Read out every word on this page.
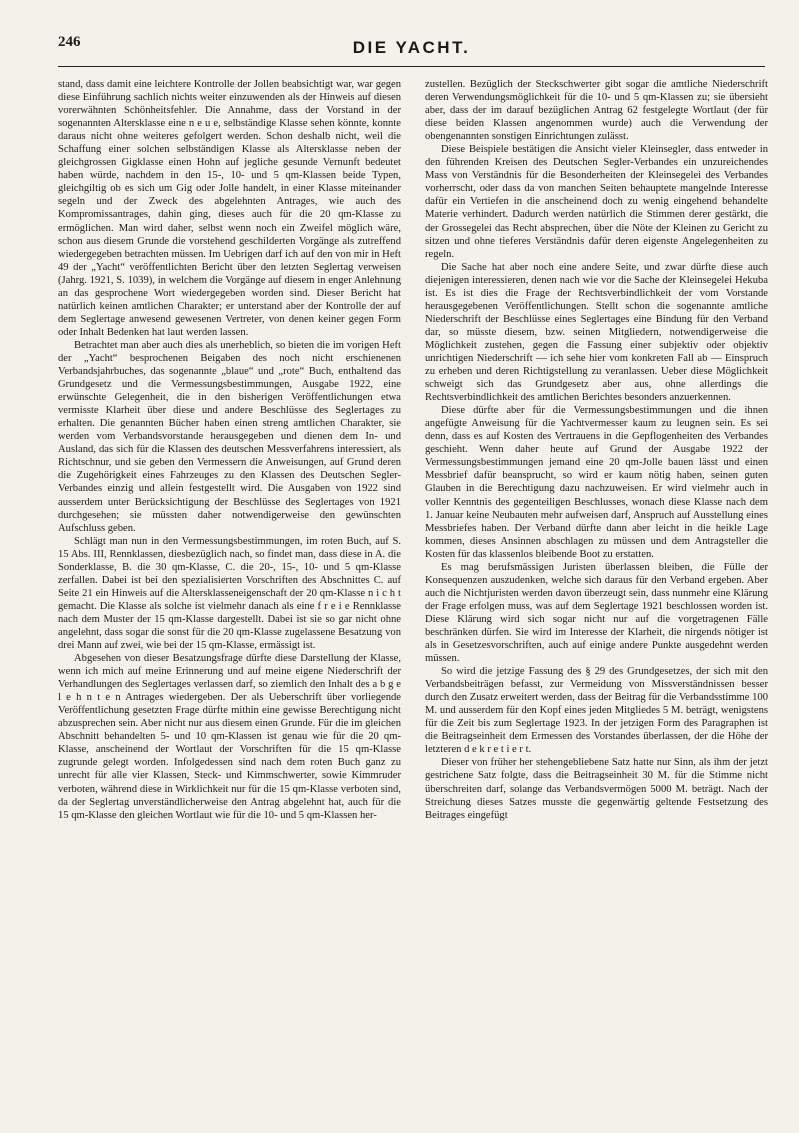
246	DIE YACHT.

stand, dass damit eine leichtere Kontrolle der Jollen beabsichtigt war, war gegen diese Einführung sachlich nichts weiter einzuwenden als der Hinweis auf diesen vorerwähnten Schönheitsfehler. Die Annahme, dass der Vorstand in der sogenannten Altersklasse eine n e u e, selbständige Klasse sehen könnte, konnte daraus nicht ohne weiteres gefolgert werden. Schon deshalb nicht, weil die Schaffung einer solchen selbständigen Klasse als Altersklasse neben der gleichgrossen Gigklasse einen Hohn auf jegliche gesunde Vernunft bedeutet haben würde, nachdem in den 15-, 10- und 5 qm-Klassen beide Typen, gleichgiltig ob es sich um Gig oder Jolle handelt, in einer Klasse miteinander segeln und der Zweck des abgelehnten Antrages, wie auch des Kompromissantrages, dahin ging, dieses auch für die 20 qm-Klasse zu ermöglichen. Man wird daher, selbst wenn noch ein Zweifel möglich wäre, schon aus diesem Grunde die vorstehend geschilderten Vorgänge als zutreffend wiedergegeben betrachten müssen. Im Uebrigen darf ich auf den von mir in Heft 49 der „Yacht“ veröffentlichten Bericht über den letzten Seglertag verweisen (Jahrg. 1921, S. 1039), in welchem die Vorgänge auf diesem in enger Anlehnung an das gesprochene Wort wiedergegeben worden sind. Dieser Bericht hat natürlich keinen amtlichen Charakter; er unterstand aber der Kontrolle der auf dem Seglertage anwesend gewesenen Vertreter, von denen keiner gegen Form oder Inhalt Bedenken hat laut werden lassen.

Betrachtet man aber auch dies als unerheblich, so bieten die im vorigen Heft der „Yacht“ besprochenen Beigaben des noch nicht erschienenen Verbandsjahrbuches, das sogenannte „blaue“ und „rote“ Buch, enthaltend das Grundgesetz und die Vermessungsbestimmungen, Ausgabe 1922, eine erwünschte Gelegenheit, die in den bisherigen Veröffentlichungen etwa vermisste Klarheit über diese und andere Beschlüsse des Seglertages zu erhalten. Die genannten Bücher haben einen streng amtlichen Charakter, sie werden vom Verbandsvorstande herausgegeben und dienen dem In- und Ausland, das sich für die Klassen des deutschen Messverfahrens interessiert, als Richtschnur, und sie geben den Vermessern die Anweisungen, auf Grund deren die Zugehörigkeit eines Fahrzeuges zu den Klassen des Deutschen Segler-Verbandes einzig und allein festgestellt wird. Die Ausgaben von 1922 sind ausserdem unter Berücksichtigung der Beschlüsse des Seglertages von 1921 durchgesehen; sie müssten daher notwendigerweise den gewünschten Aufschluss geben.

Schlägt man nun in den Vermessungsbestimmungen, im roten Buch, auf S. 15 Abs. III, Rennklassen, diesbezüglich nach, so findet man, dass diese in A. die Sonderklasse, B. die 30 qm-Klasse, C. die 20-, 15-, 10- und 5 qm-Klasse zerfallen. Dabei ist bei den spezialisierten Vorschriften des Abschnittes C. auf Seite 21 ein Hinweis auf die Altersklasseneigenschaft der 20 qm-Klasse n i c h t gemacht. Die Klasse als solche ist vielmehr danach als eine f r e i e Rennklasse nach dem Muster der 15 qm-Klasse dargestellt. Dabei ist sie so gar nicht ohne angelehnt, dass sogar die sonst für die 20 qm-Klasse zugelassene Besatzung von drei Mann auf zwei, wie bei der 15 qm-Klasse, ermässigt ist.

Abgesehen von dieser Besatzungsfrage dürfte diese Darstellung der Klasse, wenn ich mich auf meine Erinnerung und auf meine eigene Niederschrift der Verhandlungen des Seglertages verlassen darf, so ziemlich den Inhalt des a b g e l e h n t e n Antrages wiedergeben. Der als Ueberschrift über vorliegende Veröffentlichung gesetzten Frage dürfte mithin eine gewisse Berechtigung nicht abzusprechen sein. Aber nicht nur aus diesem einen Grunde. Für die im gleichen Abschnitt behandelten 5- und 10 qm-Klassen ist genau wie für die 20 qm-Klasse, anscheinend der Wortlaut der Vorschriften für die 15 qm-Klasse zugrunde gelegt worden. Infolgedessen sind nach dem roten Buch ganz zu unrecht für alle vier Klassen, Steck- und Kimmschwerter, sowie Kimmruder verboten, während diese in Wirklichkeit nur für die 15 qm-Klasse verboten sind, da der Seglertag unverständlicherweise den Antrag abgelehnt hat, auch für die 15 qm-Klasse den gleichen Wortlaut wie für die 10- und 5 qm-Klassen her-

zustellen. Bezüglich der Steckschwerter gibt sogar die amtliche Niederschrift deren Verwendungsmöglichkeit für die 10- und 5 qm-Klassen zu; sie übersieht aber, dass der im darauf bezüglichen Antrag 62 festgelegte Wortlaut (der für diese beiden Klassen angenommen wurde) auch die Verwendung der obengenannten sonstigen Einrichtungen zulässt.

Diese Beispiele bestätigen die Ansicht vieler Kleinsegler, dass entweder in den führenden Kreisen des Deutschen Segler-Verbandes ein unzureichendes Mass von Verständnis für die Besonderheiten der Kleinsegelei des Verbandes vorherrscht, oder dass da von manchen Seiten behauptete mangelnde Interesse dafür ein Vertiefen in die anscheinend doch zu wenig eingehend behandelte Materie verhindert. Dadurch werden natürlich die Stimmen derer gestärkt, die der Grossegelei das Recht absprechen, über die Nöte der Kleinen zu Gericht zu sitzen und ohne tieferes Verständnis dafür deren eigenste Angelegenheiten zu regeln.

Die Sache hat aber noch eine andere Seite, und zwar dürfte diese auch diejenigen interessieren, denen nach wie vor die Sache der Kleinsegelei Hekuba ist. Es ist dies die Frage der Rechtsverbindlichkeit der vom Vorstande herausgegebenen Veröffentlichungen. Stellt schon die sogenannte amtliche Niederschrift der Beschlüsse eines Seglertages eine Bindung für den Verband dar, so müsste diesem, bzw. seinen Mitgliedern, notwendigerweise die Möglichkeit zustehen, gegen die Fassung einer subjektiv oder objektiv unrichtigen Niederschrift — ich sehe hier vom konkreten Fall ab — Einspruch zu erheben und deren Richtigstellung zu veranlassen. Ueber diese Möglichkeit schweigt sich das Grundgesetz aber aus, ohne allerdings die Rechtsverbindlichkeit des amtlichen Berichtes besonders anzuerkennen.

Diese dürfte aber für die Vermessungsbestimmungen und die ihnen angefügte Anweisung für die Yachtvermesser kaum zu leugnen sein. Es sei denn, dass es auf Kosten des Vertrauens in die Gepflogenheiten des Verbandes geschieht. Wenn daher heute auf Grund der Ausgabe 1922 der Vermessungsbestimmungen jemand eine 20 qm-Jolle bauen lässt und einen Messbrief dafür beansprucht, so wird er kaum nötig haben, seinen guten Glauben in die Berechtigung dazu nachzuweisen. Er wird vielmehr auch in voller Kenntnis des gegenteiligen Beschlusses, wonach diese Klasse nach dem 1. Januar keine Neubauten mehr aufweisen darf, Anspruch auf Ausstellung eines Messbriefes haben. Der Verband dürfte dann aber leicht in die heikle Lage kommen, dieses Ansinnen abschlagen zu müssen und dem Antragsteller die Kosten für das klassenlos bleibende Boot zu erstatten.

Es mag berufsmässigen Juristen überlassen bleiben, die Fülle der Konsequenzen auszudenken, welche sich daraus für den Verband ergeben. Aber auch die Nichtjuristen werden davon überzeugt sein, dass nunmehr eine Klärung der Frage erfolgen muss, was auf dem Seglertage 1921 beschlossen worden ist. Diese Klärung wird sich sogar nicht nur auf die vorgetragenen Fälle beschränken dürfen. Sie wird im Interesse der Klarheit, die nirgends nötiger ist als in Gesetzesvorschriften, auch auf einige andere Punkte ausgedehnt werden müssen.

So wird die jetzige Fassung des § 29 des Grundgesetzes, der sich mit den Verbandsbeiträgen befasst, zur Vermeidung von Missverständnissen besser durch den Zusatz erweitert werden, dass der Beitrag für die Verbandsstimme 100 M. und ausserdem für den Kopf eines jeden Mitgliedes 5 M. beträgt, wenigstens für die Zeit bis zum Seglertage 1923. In der jetzigen Form des Paragraphen ist die Beitragseinheit dem Ermessen des Vorstandes überlassen, der die Höhe der letzteren d e k r e t i e r t.

Dieser von früher her stehengebliebene Satz hatte nur Sinn, als ihm der jetzt gestrichene Satz folgte, dass die Beitragseinheit 30 M. für die Stimme nicht überschreiten darf, solange das Verbandsvermögen 5000 M. beträgt. Nach der Streichung dieses Satzes musste die gegenwärtig geltende Festsetzung des Beitrages eingefügt
